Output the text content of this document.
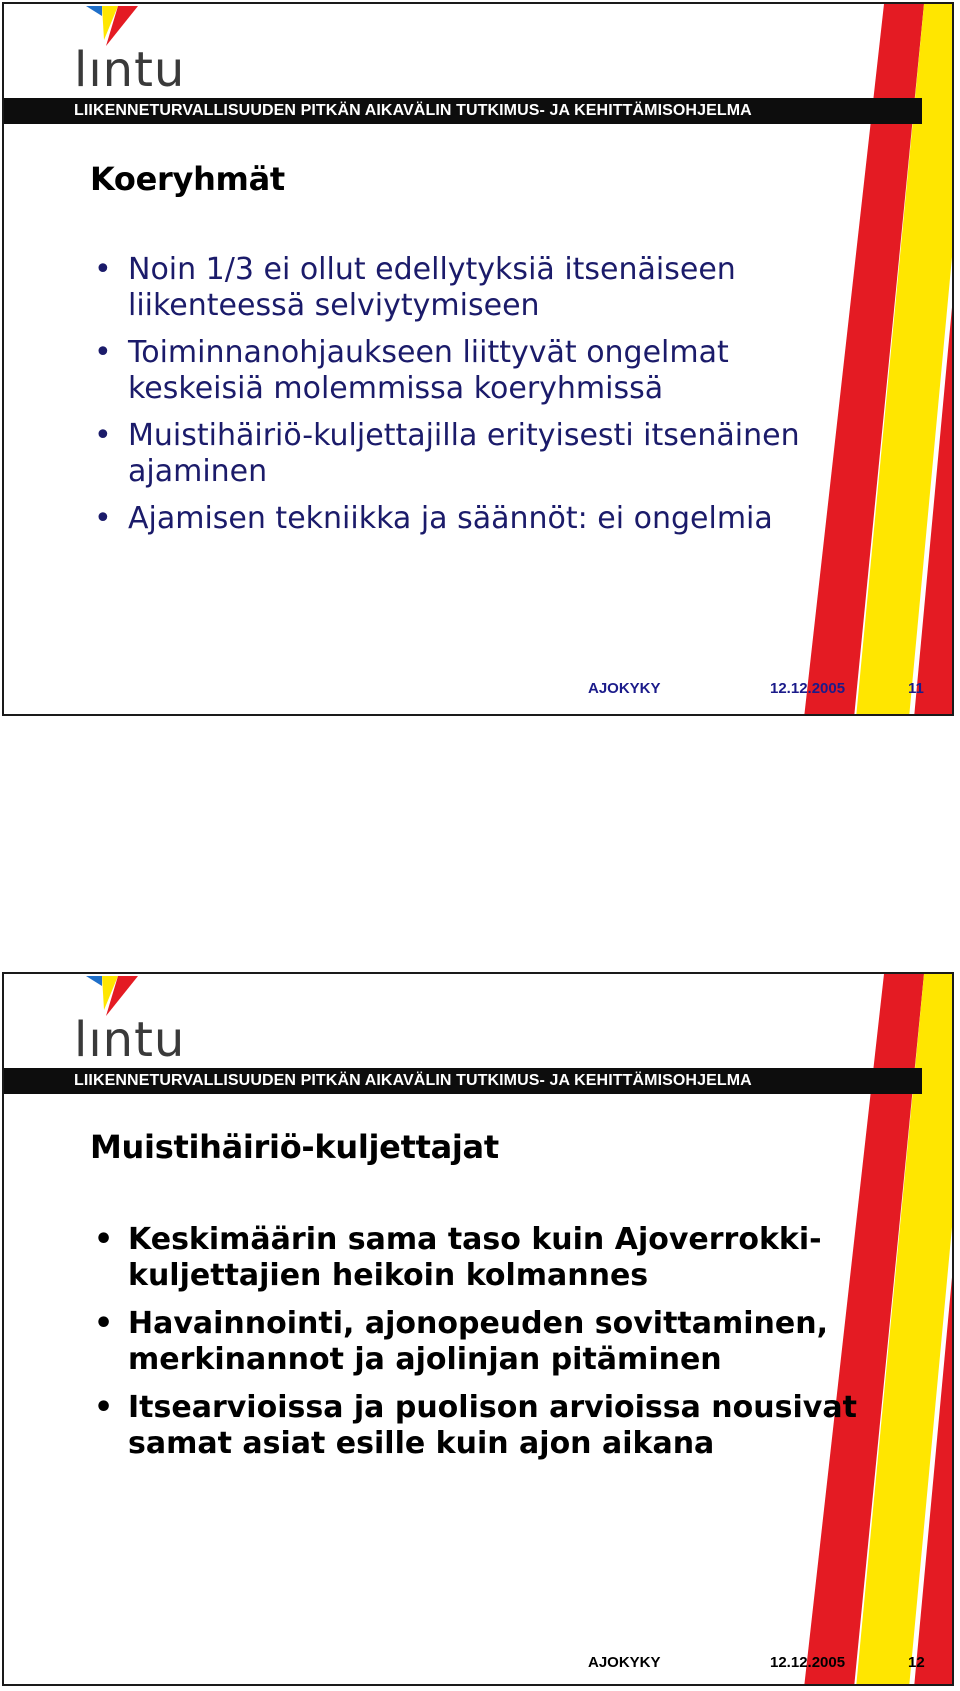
lıntu
LIIKENNETURVALLISUUDEN PITKÄN AIKAVÄLIN TUTKIMUS- JA KEHITTÄMISOHJELMA
Koeryhmät
• Noin 1/3 ei ollut edellytyksiä itsenäiseen liikenteessä selviytymiseen
• Toiminnanohjaukseen liittyvät ongelmat keskeisiä molemmissa koeryhmissä
• Muistihäiriö-kuljettajilla erityisesti itsenäinen ajaminen
• Ajamisen tekniikka ja säännöt: ei ongelmia
AJOKYKY	12.12.2005	11
lıntu
LIIKENNETURVALLISUUDEN PITKÄN AIKAVÄLIN TUTKIMUS- JA KEHITTÄMISOHJELMA
Muistihäiriö-kuljettajat
• Keskimäärin sama taso kuin Ajoverrokki-kuljettajien heikoin kolmannes
• Havainnointi, ajonopeuden sovittaminen, merkinannot ja ajolinjan pitäminen
• Itsearvioissa ja puolison arvioissa nousivat samat asiat esille kuin ajon aikana
AJOKYKY	12.12.2005	12
